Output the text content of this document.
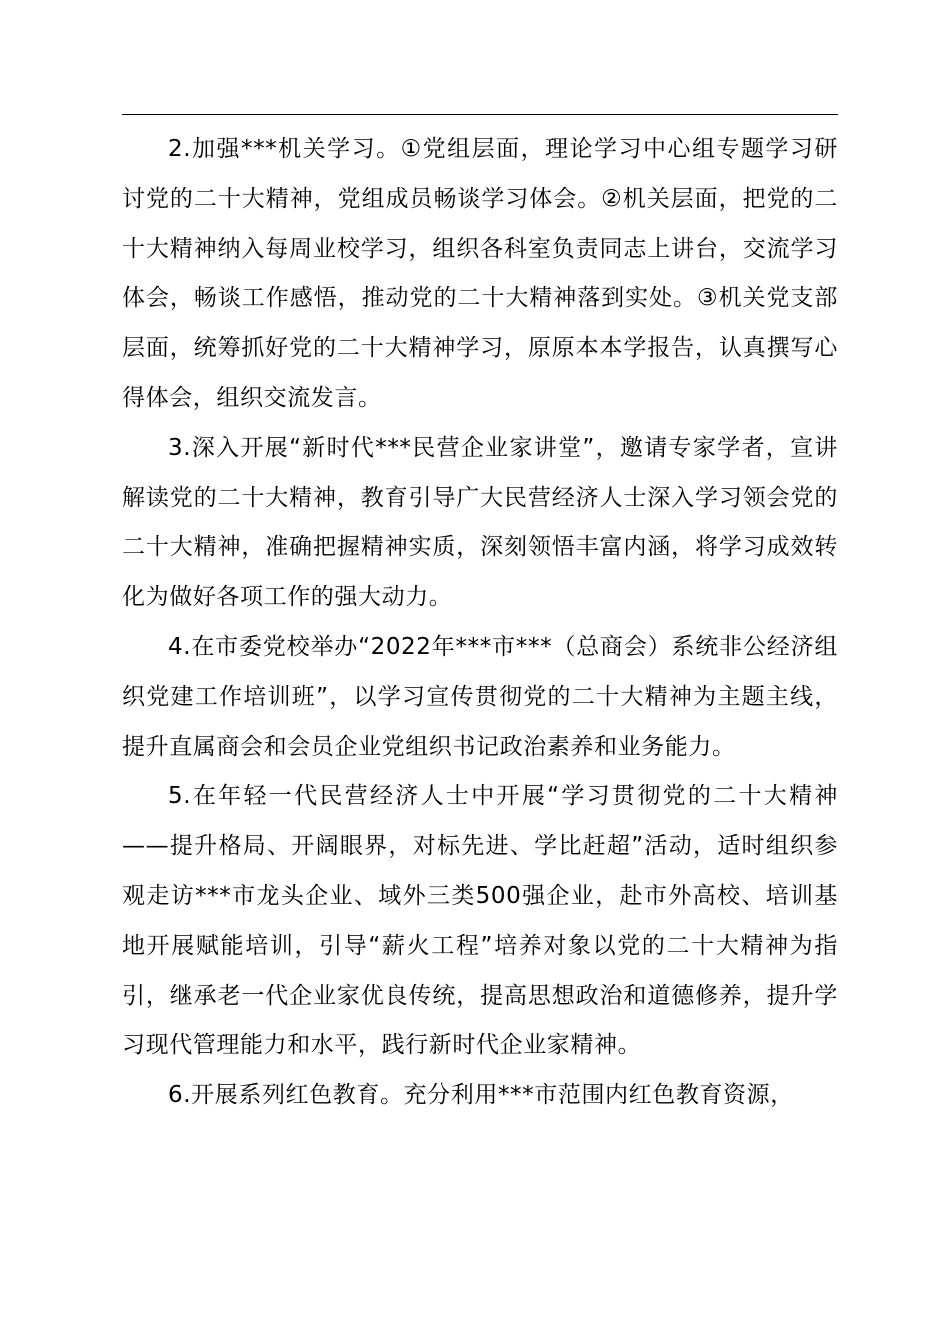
2.加强***机关学习。①党组层面，理论学习中心组专题学习研讨党的二十大精神，党组成员畅谈学习体会。②机关层面，把党的二十大精神纳入每周业校学习，组织各科室负责同志上讲台，交流学习体会，畅谈工作感悟，推动党的二十大精神落到实处。③机关党支部层面，统筹抓好党的二十大精神学习，原原本本学报告，认真撰写心得体会，组织交流发言。

3.深入开展“新时代***民营企业家讲堂”，邀请专家学者，宣讲解读党的二十大精神，教育引导广大民营经济人士深入学习领会党的二十大精神，准确把握精神实质，深刻领悟丰富内涵，将学习成效转化为做好各项工作的强大动力。

4.在市委党校举办“2022年***市***（总商会）系统非公经济组织党建工作培训班”，以学习宣传贯彻党的二十大精神为主题主线，提升直属商会和会员企业党组织书记政治素养和业务能力。

5.在年轻一代民营经济人士中开展“学习贯彻党的二十大精神——提升格局、开阔眼界，对标先进、学比赶超”活动，适时组织参观走访***市龙头企业、域外三类500强企业，赴市外高校、培训基地开展赋能培训，引导“薪火工程”培养对象以党的二十大精神为指引，继承老一代企业家优良传统，提高思想政治和道德修养，提升学习现代管理能力和水平，践行新时代企业家精神。

6.开展系列红色教育。充分利用***市范围内红色教育资源，
